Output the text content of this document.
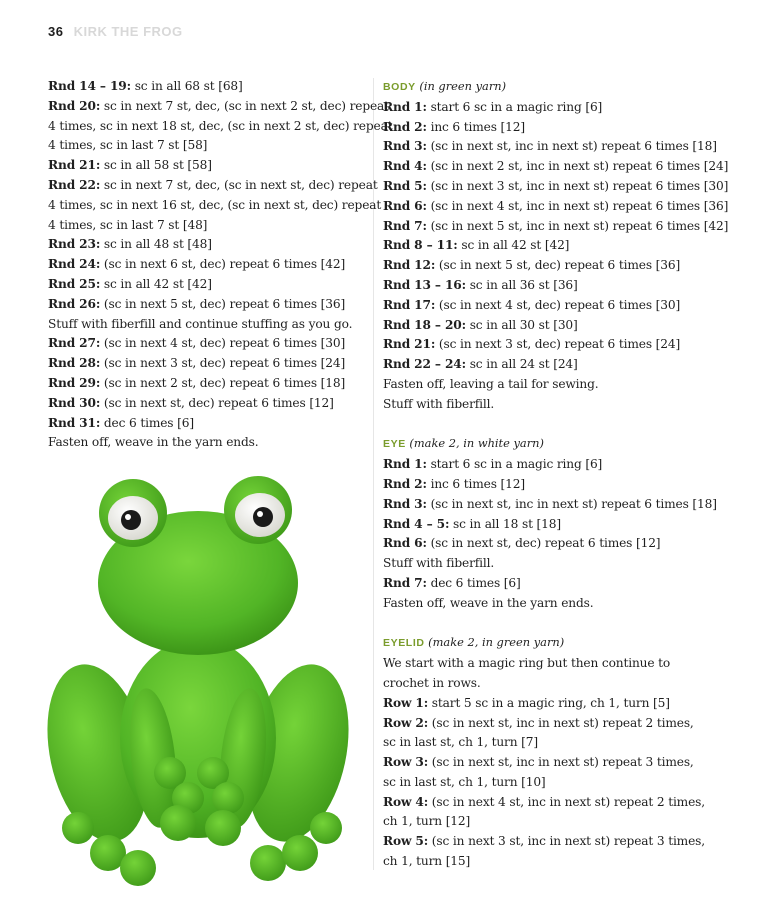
36 KIRK THE FROG
Rnd 14 – 19: sc in all 68 st [68]
Rnd 20: sc in next 7 st, dec, (sc in next 2 st, dec) repeat
4 times, sc in next 18 st, dec, (sc in next 2 st, dec) repeat
4 times, sc in last 7 st [58]
Rnd 21: sc in all 58 st [58]
Rnd 22: sc in next 7 st, dec, (sc in next st, dec) repeat
4 times, sc in next 16 st, dec, (sc in next st, dec) repeat
4 times, sc in last 7 st [48]
Rnd 23: sc in all 48 st [48]
Rnd 24: (sc in next 6 st, dec) repeat 6 times [42]
Rnd 25: sc in all 42 st [42]
Rnd 26: (sc in next 5 st, dec) repeat 6 times [36]
Stuff with fiberfill and continue stuffing as you go.
Rnd 27: (sc in next 4 st, dec) repeat 6 times [30]
Rnd 28: (sc in next 3 st, dec) repeat 6 times [24]
Rnd 29: (sc in next 2 st, dec) repeat 6 times [18]
Rnd 30: (sc in next st, dec) repeat 6 times [12]
Rnd 31: dec 6 times [6]
Fasten off, weave in the yarn ends.
BODY (in green yarn)
Rnd 1: start 6 sc in a magic ring [6]
Rnd 2: inc 6 times [12]
Rnd 3: (sc in next st, inc in next st) repeat 6 times [18]
Rnd 4: (sc in next 2 st, inc in next st) repeat 6 times [24]
Rnd 5: (sc in next 3 st, inc in next st) repeat 6 times [30]
Rnd 6: (sc in next 4 st, inc in next st) repeat 6 times [36]
Rnd 7: (sc in next 5 st, inc in next st) repeat 6 times [42]
Rnd 8 – 11: sc in all 42 st [42]
Rnd 12: (sc in next 5 st, dec) repeat 6 times [36]
Rnd 13 – 16: sc in all 36 st [36]
Rnd 17: (sc in next 4 st, dec) repeat 6 times [30]
Rnd 18 – 20: sc in all 30 st [30]
Rnd 21: (sc in next 3 st, dec) repeat 6 times [24]
Rnd 22 – 24: sc in all 24 st [24]
Fasten off, leaving a tail for sewing.
Stuff with fiberfill.
EYE (make 2, in white yarn)
Rnd 1: start 6 sc in a magic ring [6]
Rnd 2: inc 6 times [12]
Rnd 3: (sc in next st, inc in next st) repeat 6 times [18]
Rnd 4 – 5: sc in all 18 st [18]
Rnd 6: (sc in next st, dec) repeat 6 times [12]
Stuff with fiberfill.
Rnd 7: dec 6 times [6]
Fasten off, weave in the yarn ends.
EYELID (make 2, in green yarn)
We start with a magic ring but then continue to
crochet in rows.
Row 1: start 5 sc in a magic ring, ch 1, turn [5]
Row 2: (sc in next st, inc in next st) repeat 2 times,
sc in last st, ch 1, turn [7]
Row 3: (sc in next st, inc in next st) repeat 3 times,
sc in last st, ch 1, turn [10]
Row 4: (sc in next 4 st, inc in next st) repeat 2 times,
ch 1, turn [12]
Row 5: (sc in next 3 st, inc in next st) repeat 3 times,
ch 1, turn [15]
